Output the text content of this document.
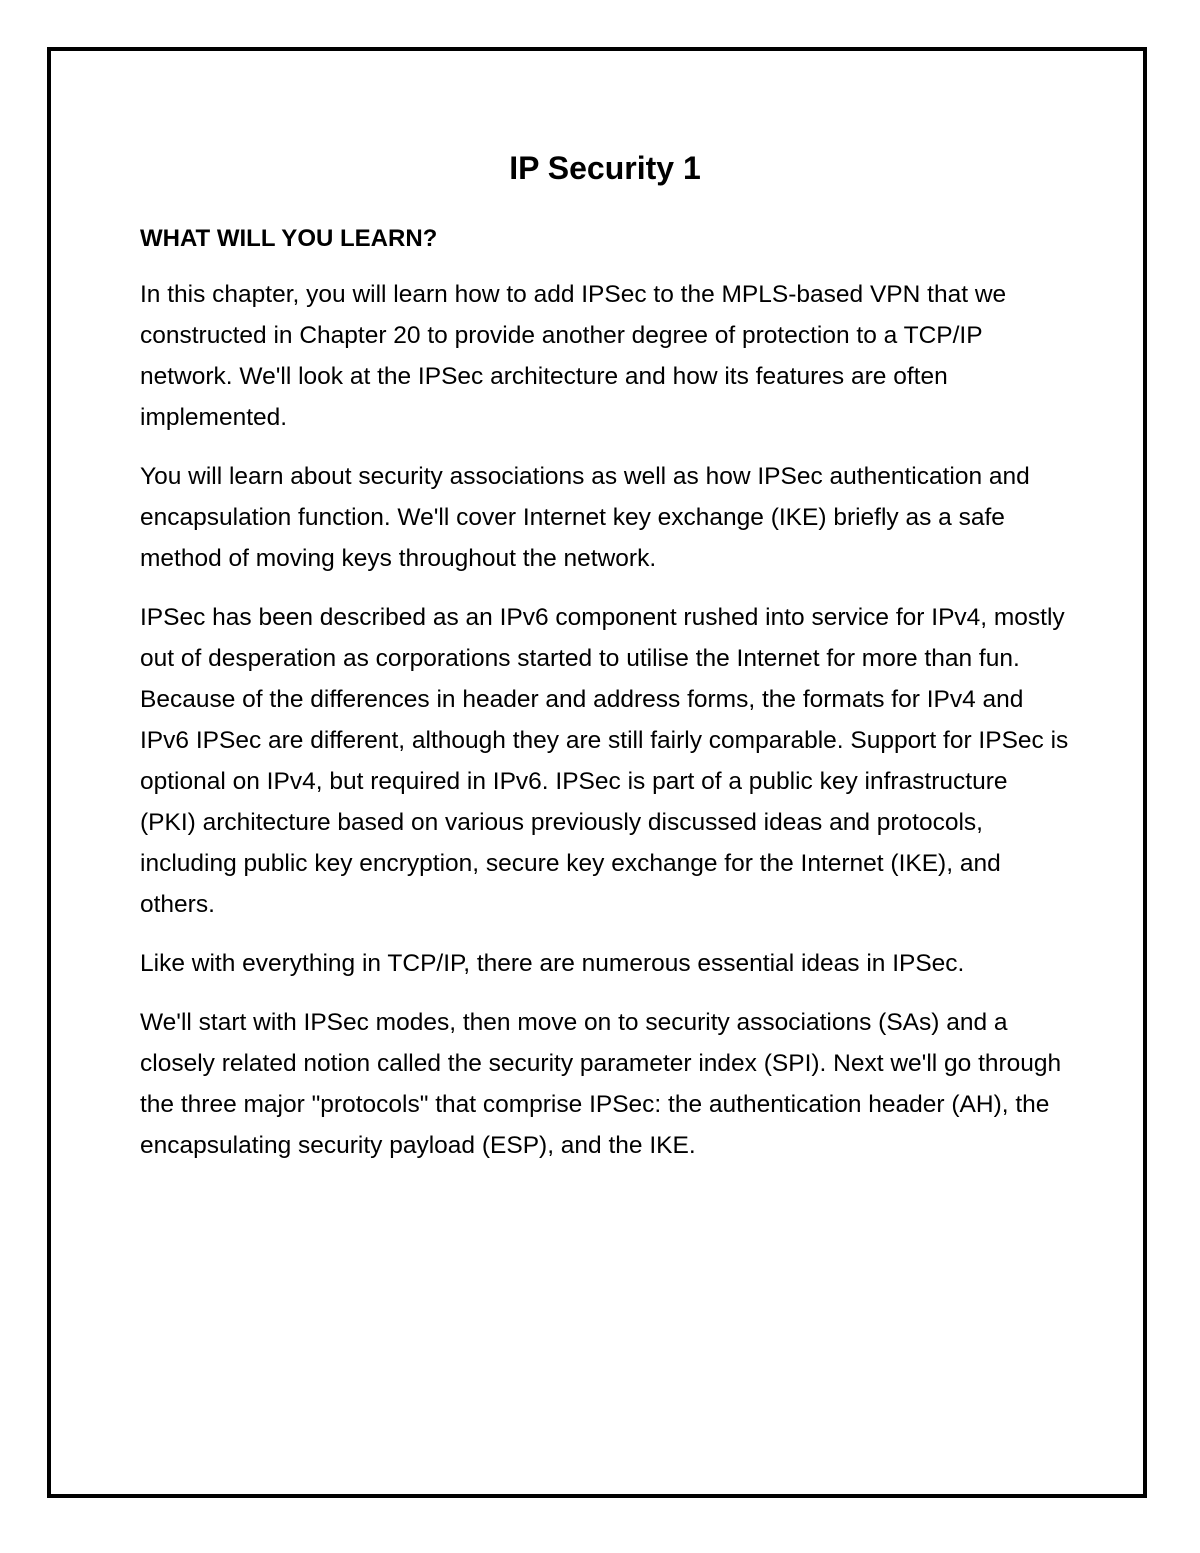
IP Security 1
WHAT WILL YOU LEARN?

In this chapter, you will learn how to add IPSec to the MPLS-based VPN that we constructed in Chapter 20 to provide another degree of protection to a TCP/IP network. We'll look at the IPSec architecture and how its features are often implemented.

You will learn about security associations as well as how IPSec authentication and encapsulation function. We'll cover Internet key exchange (IKE) briefly as a safe method of moving keys throughout the network.

IPSec has been described as an IPv6 component rushed into service for IPv4, mostly out of desperation as corporations started to utilise the Internet for more than fun. Because of the differences in header and address forms, the formats for IPv4 and IPv6 IPSec are different, although they are still fairly comparable. Support for IPSec is optional on IPv4, but required in IPv6. IPSec is part of a public key infrastructure (PKI) architecture based on various previously discussed ideas and protocols, including public key encryption, secure key exchange for the Internet (IKE), and others.

Like with everything in TCP/IP, there are numerous essential ideas in IPSec.

We'll start with IPSec modes, then move on to security associations (SAs) and a closely related notion called the security parameter index (SPI). Next we'll go through the three major "protocols" that comprise IPSec: the authentication header (AH), the encapsulating security payload (ESP), and the IKE.
